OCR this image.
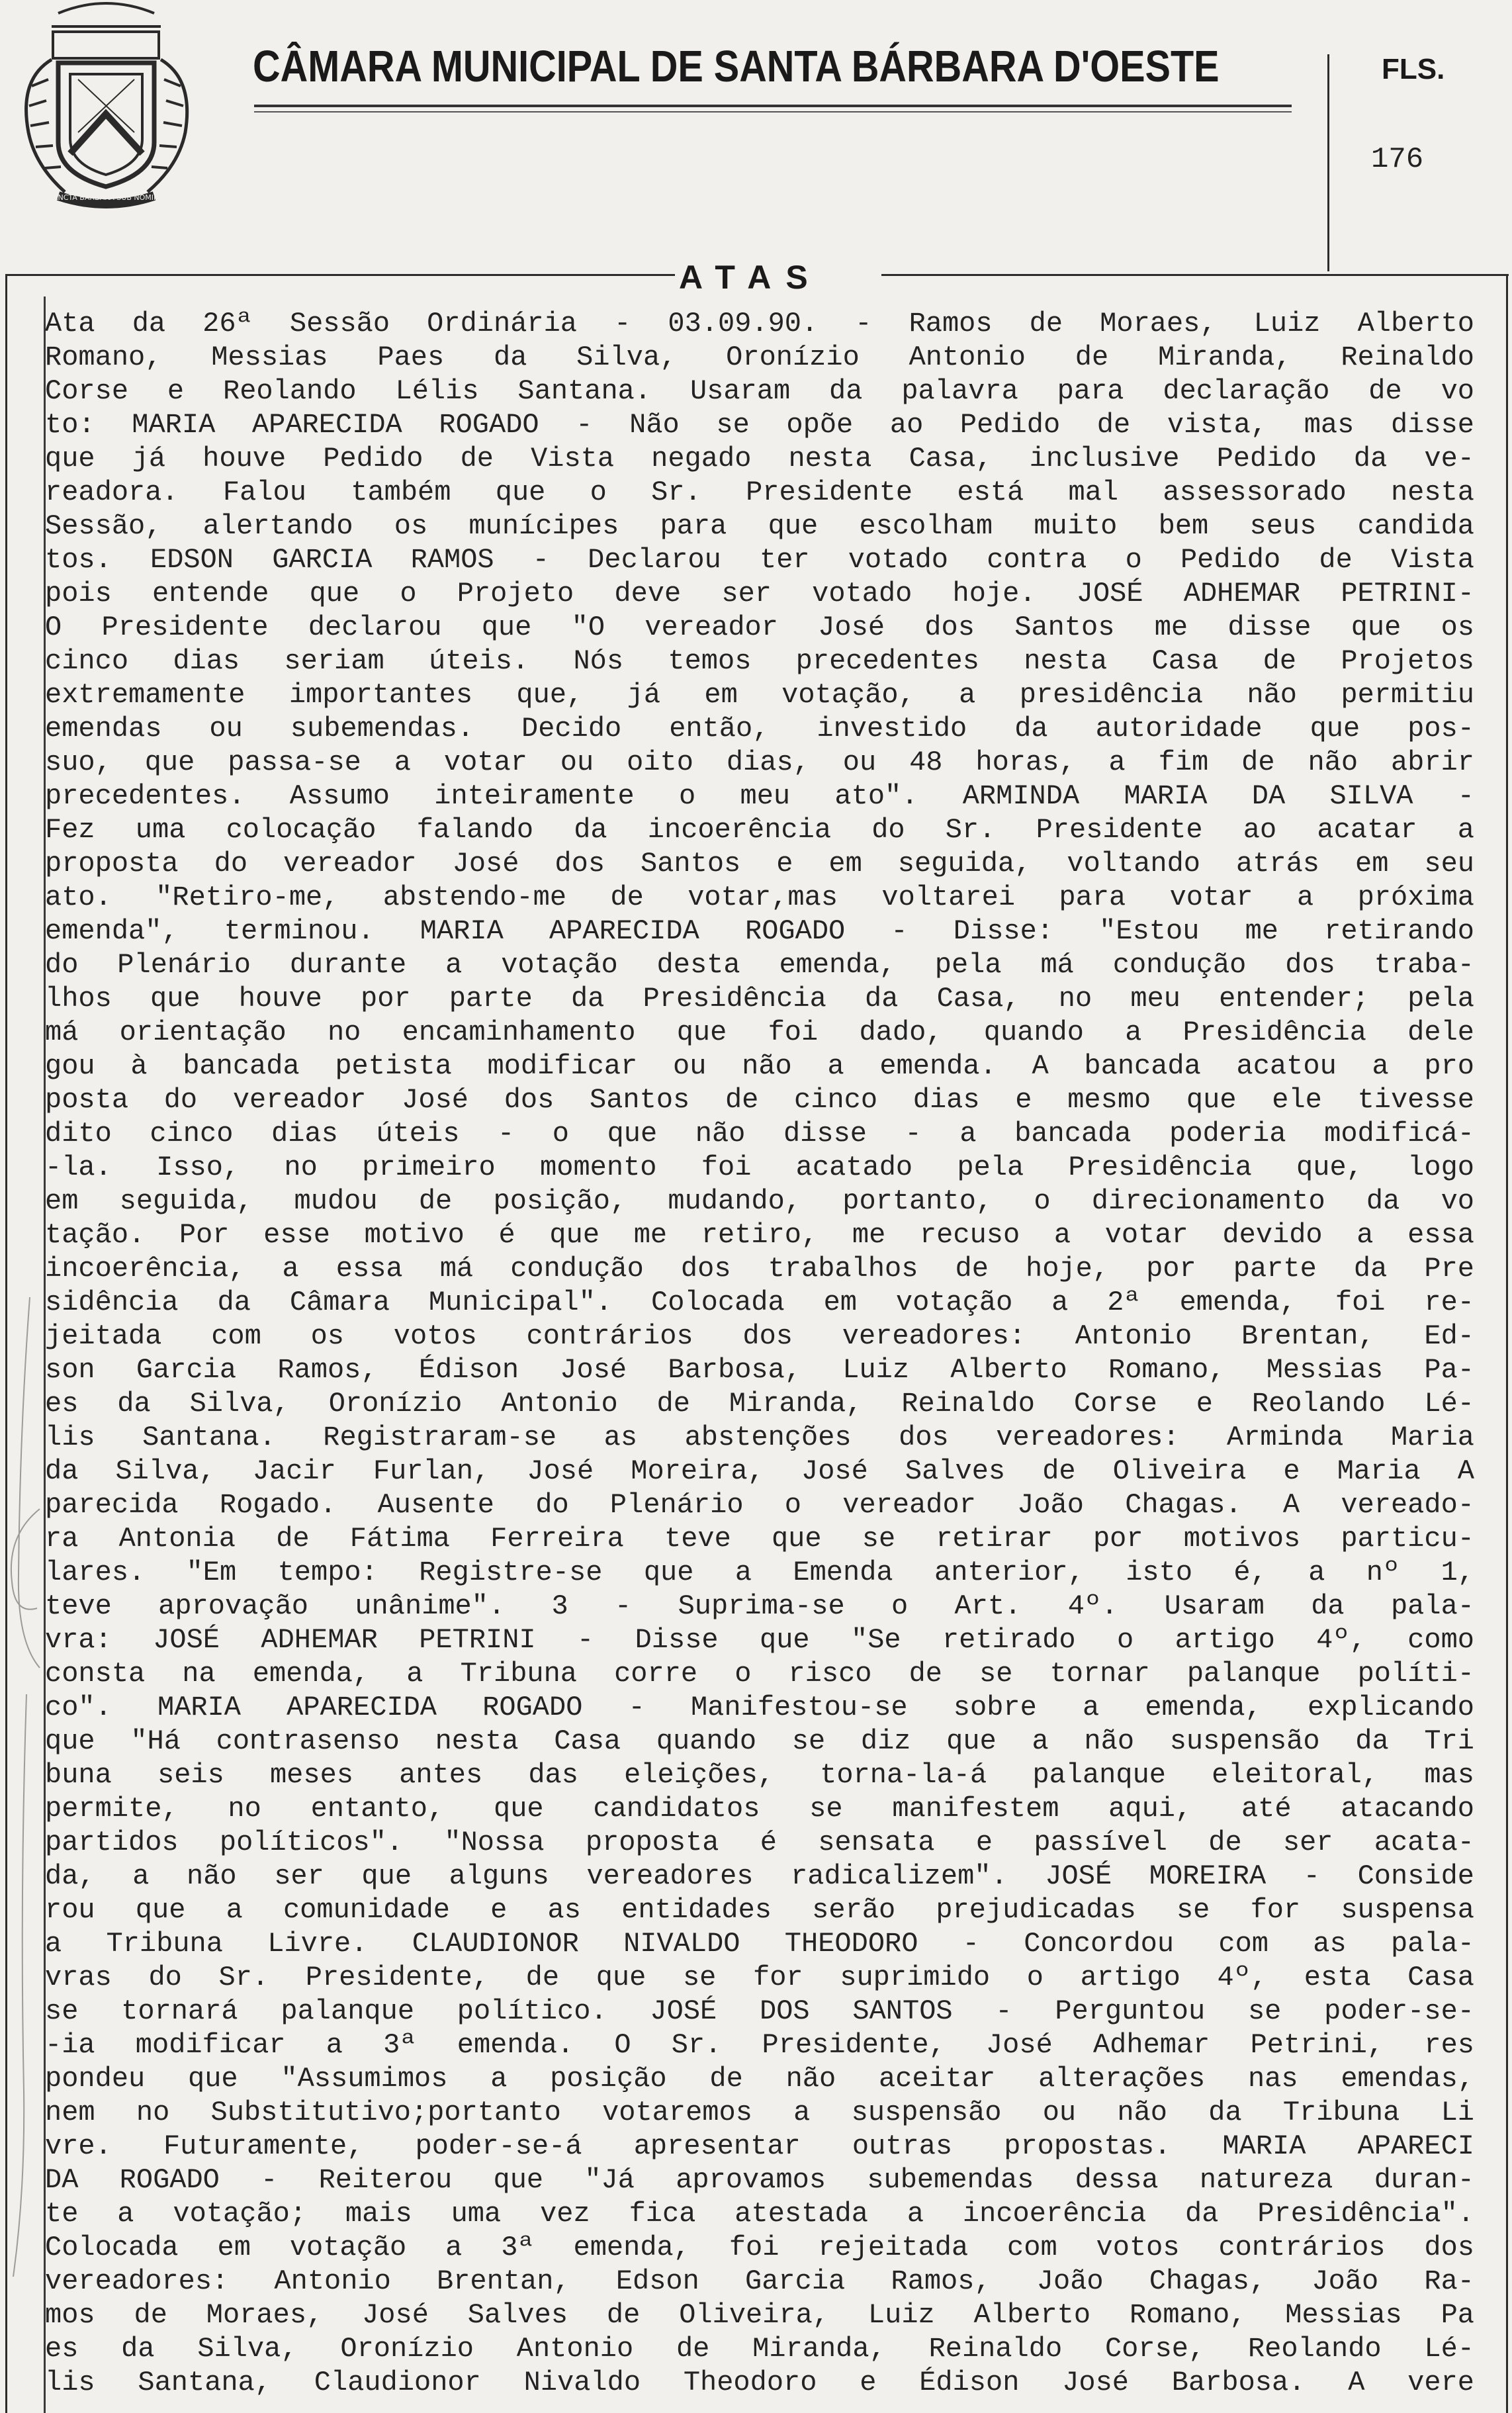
SANCTA BARBARA SUB NOMINE
CÂMARA MUNICIPAL DE SANTA BÁRBARA D'OESTE	FLS.
176
ATAS
Ata da 26ª Sessão Ordinária - 03.09.90. - Ramos de Moraes, Luiz Alberto
Romano, Messias Paes da Silva, Oronízio Antonio de Miranda, Reinaldo
Corse e Reolando Lélis Santana. Usaram da palavra para declaração de vo
to: MARIA APARECIDA ROGADO - Não se opõe ao Pedido de vista, mas disse
que já houve Pedido de Vista negado nesta Casa, inclusive Pedido da ve-
readora. Falou também que o Sr. Presidente está mal assessorado nesta
Sessão, alertando os munícipes para que escolham muito bem seus candida
tos. EDSON GARCIA RAMOS - Declarou ter votado contra o Pedido de Vista
pois entende que o Projeto deve ser votado hoje. JOSÉ ADHEMAR PETRINI-
O Presidente declarou que "O vereador José dos Santos me disse que os
cinco dias seriam úteis. Nós temos precedentes nesta Casa de Projetos
extremamente importantes que, já em votação, a presidência não permitiu
emendas ou subemendas. Decido então, investido da autoridade que pos-
suo, que passa-se a votar ou oito dias, ou 48 horas, a fim de não abrir
precedentes. Assumo inteiramente o meu ato". ARMINDA MARIA DA SILVA -
Fez uma colocação falando da incoerência do Sr. Presidente ao acatar a
proposta do vereador José dos Santos e em seguida, voltando atrás em seu
ato. "Retiro-me, abstendo-me de votar,mas voltarei para votar a próxima
emenda", terminou. MARIA APARECIDA ROGADO - Disse: "Estou me retirando
do Plenário durante a votação desta emenda, pela má condução dos traba-
lhos que houve por parte da Presidência da Casa, no meu entender; pela
má orientação no encaminhamento que foi dado, quando a Presidência dele
gou à bancada petista modificar ou não a emenda. A bancada acatou a pro
posta do vereador José dos Santos de cinco dias e mesmo que ele tivesse
dito cinco dias úteis - o que não disse - a bancada poderia modificá-
-la. Isso, no primeiro momento foi acatado pela Presidência que, logo
em seguida, mudou de posição, mudando, portanto, o direcionamento da vo
tação. Por esse motivo é que me retiro, me recuso a votar devido a essa
incoerência, a essa má condução dos trabalhos de hoje, por parte da Pre
sidência da Câmara Municipal". Colocada em votação a 2ª emenda, foi re-
jeitada com os votos contrários dos vereadores: Antonio Brentan, Ed-
son Garcia Ramos, Édison José Barbosa, Luiz Alberto Romano, Messias Pa-
es da Silva, Oronízio Antonio de Miranda, Reinaldo Corse e Reolando Lé-
lis Santana. Registraram-se as abstenções dos vereadores: Arminda Maria
da Silva, Jacir Furlan, José Moreira, José Salves de Oliveira e Maria A
parecida Rogado. Ausente do Plenário o vereador João Chagas. A vereado-
ra Antonia de Fátima Ferreira teve que se retirar por motivos particu-
lares. "Em tempo: Registre-se que a Emenda anterior, isto é, a nº 1,
teve aprovação unânime". 3 - Suprima-se o Art. 4º. Usaram da pala-
vra: JOSÉ ADHEMAR PETRINI - Disse que "Se retirado o artigo 4º, como
consta na emenda, a Tribuna corre o risco de se tornar palanque políti-
co". MARIA APARECIDA ROGADO - Manifestou-se sobre a emenda, explicando
que "Há contrasenso nesta Casa quando se diz que a não suspensão da Tri
buna seis meses antes das eleições, torna-la-á palanque eleitoral, mas
permite, no entanto, que candidatos se manifestem aqui, até atacando
partidos políticos". "Nossa proposta é sensata e passível de ser acata-
da, a não ser que alguns vereadores radicalizem". JOSÉ MOREIRA - Conside
rou que a comunidade e as entidades serão prejudicadas se for suspensa
a Tribuna Livre. CLAUDIONOR NIVALDO THEODORO - Concordou com as pala-
vras do Sr. Presidente, de que se for suprimido o artigo 4º, esta Casa
se tornará palanque político. JOSÉ DOS SANTOS - Perguntou se poder-se-
-ia modificar a 3ª emenda. O Sr. Presidente, José Adhemar Petrini, res
pondeu que "Assumimos a posição de não aceitar alterações nas emendas,
nem no Substitutivo;portanto votaremos a suspensão ou não da Tribuna Li
vre. Futuramente, poder-se-á apresentar outras propostas. MARIA APARECI
DA ROGADO - Reiterou que "Já aprovamos subemendas dessa natureza duran-
te a votação; mais uma vez fica atestada a incoerência da Presidência".
Colocada em votação a 3ª emenda, foi rejeitada com votos contrários dos
vereadores: Antonio Brentan, Edson Garcia Ramos, João Chagas, João Ra-
mos de Moraes, José Salves de Oliveira, Luiz Alberto Romano, Messias Pa
es da Silva, Oronízio Antonio de Miranda, Reinaldo Corse, Reolando Lé-
lis Santana, Claudionor Nivaldo Theodoro e Édison José Barbosa. A vere
